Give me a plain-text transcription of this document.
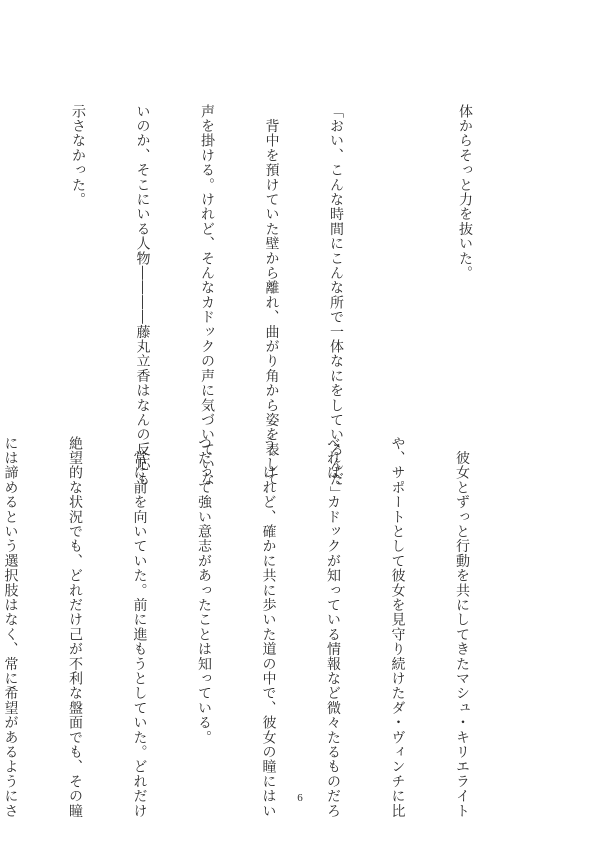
体からそっと力を抜いた。

「おい、こんな時間にこんな所で一体なにをしているんだ」

　背中を預けていた壁から離れ、曲がり角から姿を表して

声を掛ける。けれど、そんなカドックの声に気づいていな

いのか、そこにいる人物――――藤丸立香はなんの反応も

示さなかった。

　彼女とずっと行動を共にしてきたマシュ・キリエライト

や、サポートとして彼女を見守り続けたダ・ヴィンチに比

べれば、カドックが知っている情報など微々たるものだろ

う。けれど、確かに共に歩いた道の中で、彼女の瞳にはい

つだって強い意志があったことは知っている。

　常に前を向いていた。前に進もうとしていた。どれだけ

絶望的な状況でも、どれだけ己が不利な盤面でも、その瞳

には諦めるという選択肢はなく、常に希望があるようにさ

	6
